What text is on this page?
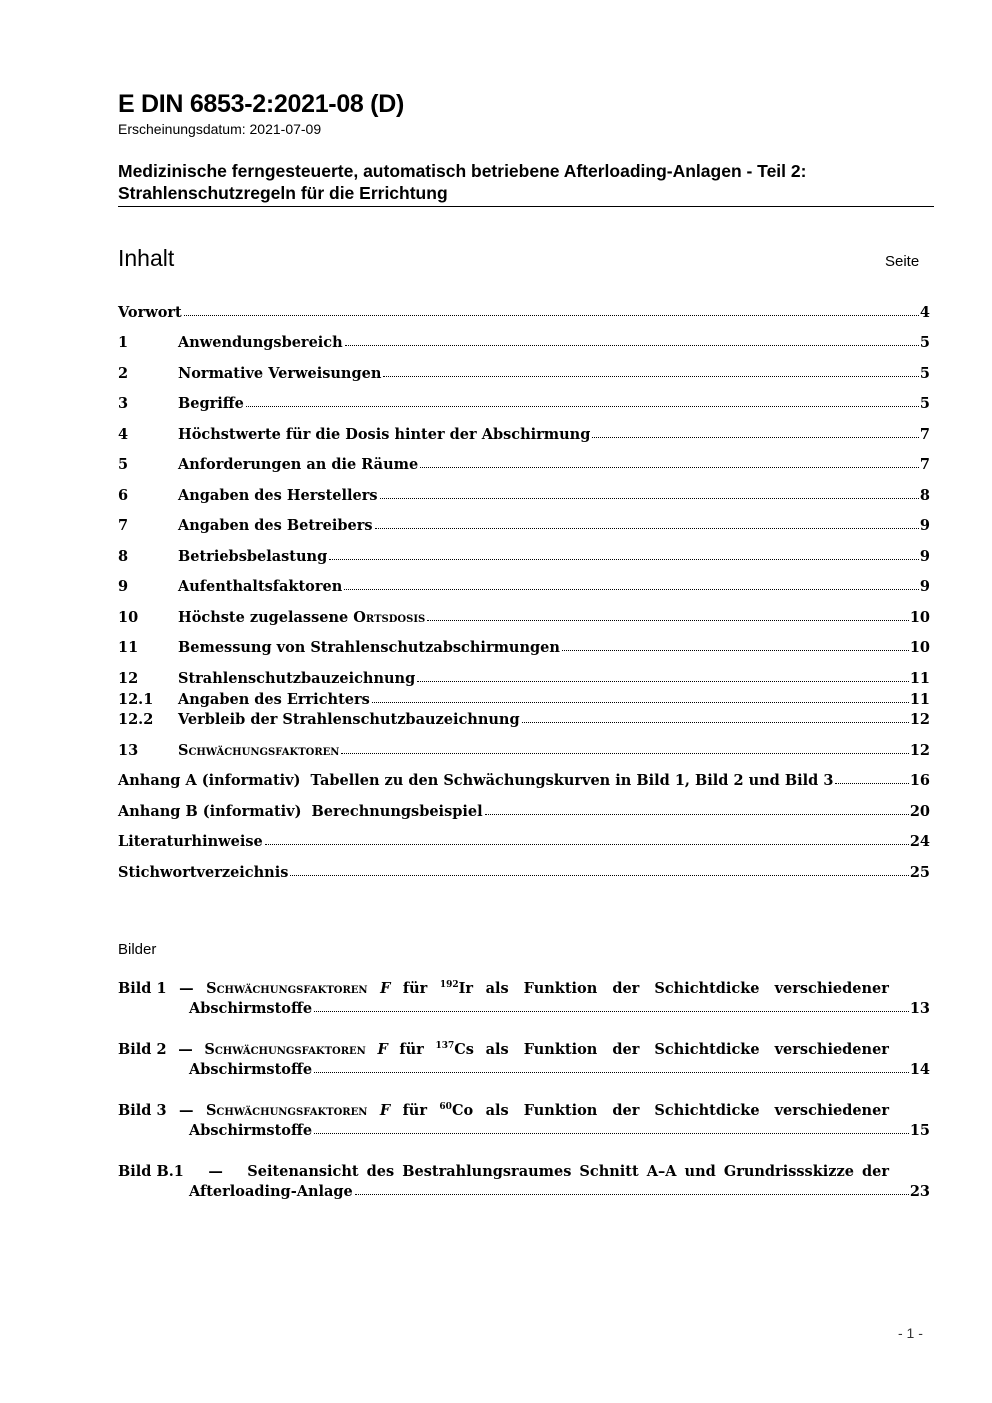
E DIN 6853-2:2021-08 (D)
Erscheinungsdatum: 2021-07-09
Medizinische ferngesteuerte, automatisch betriebene Afterloading-Anlagen - Teil 2:
Strahlenschutzregeln für die Errichtung
Inhalt	Seite
Vorwort	4
1	Anwendungsbereich	5
2	Normative Verweisungen	5
3	Begriffe	5
4	Höchstwerte für die Dosis hinter der Abschirmung	7
5	Anforderungen an die Räume	7
6	Angaben des Herstellers	8
7	Angaben des Betreibers	9
8	Betriebsbelastung	9
9	Aufenthaltsfaktoren	9
10	Höchste zugelassene Ortsdosis	10
11	Bemessung von Strahlenschutzabschirmungen	10
12	Strahlenschutzbauzeichnung	11
12.1	Angaben des Errichters	11
12.2	Verbleib der Strahlenschutzbauzeichnung	12
13	Schwächungsfaktoren	12
Anhang A (informativ)  Tabellen zu den Schwächungskurven in Bild 1, Bild 2 und Bild 3	16
Anhang B (informativ)  Berechnungsbeispiel	20
Literaturhinweise	24
Stichwortverzeichnis	25
Bilder
Bild 1 — Schwächungsfaktoren F für $^{192}$Ir als Funktion der Schichtdicke verschiedener
Abschirmstoffe	13
Bild 2 — Schwächungsfaktoren F für $^{137}$Cs als Funktion der Schichtdicke verschiedener
Abschirmstoffe	14
Bild 3 — Schwächungsfaktoren F für $^{60}$Co als Funktion der Schichtdicke verschiedener
Abschirmstoffe	15
Bild B.1 — Seitenansicht des Bestrahlungsraumes Schnitt A–A und Grundrissskizze der
Afterloading-Anlage	23
- 1 -
